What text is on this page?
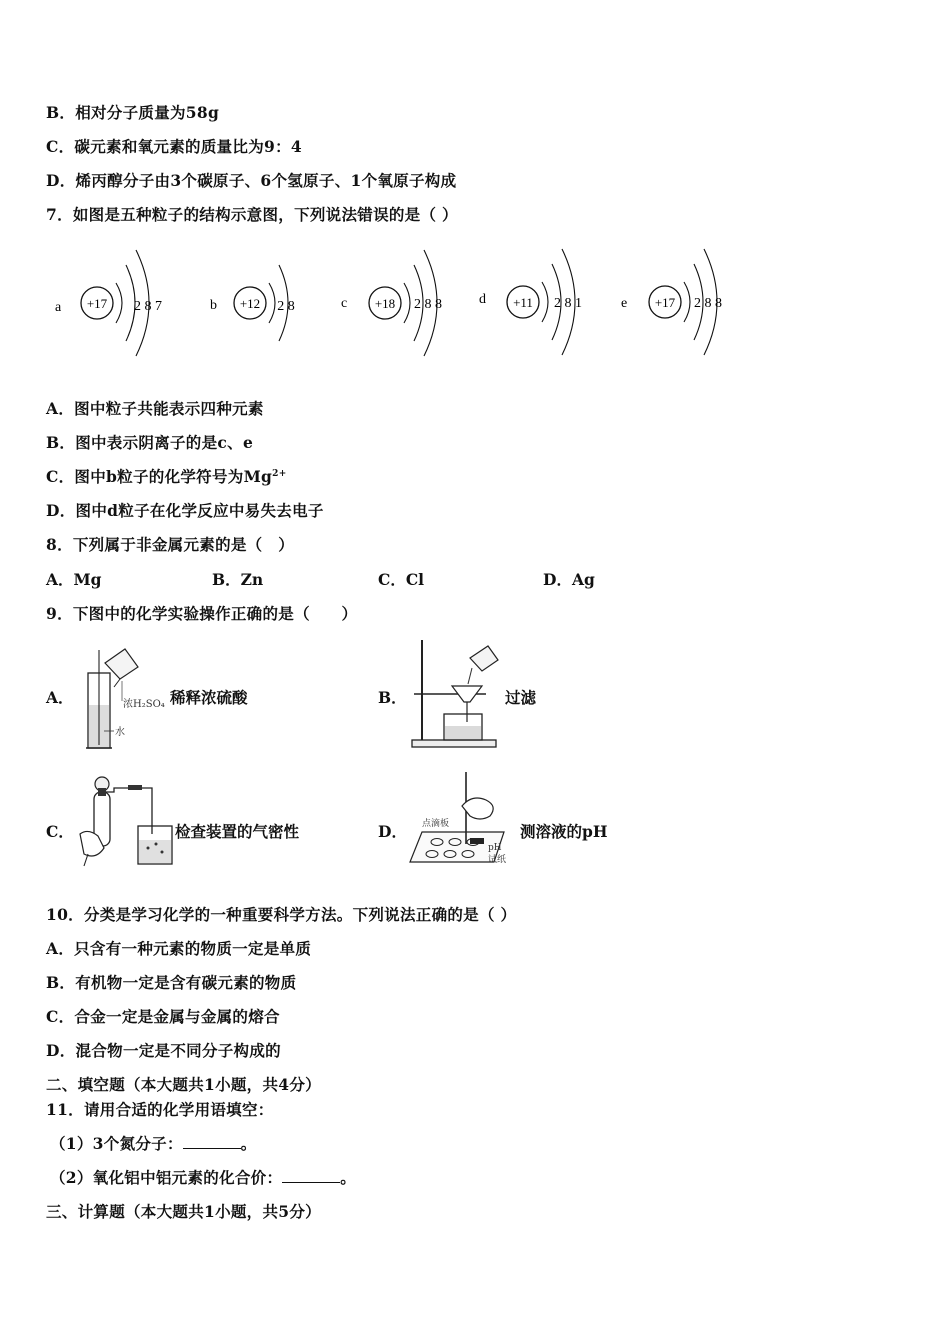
B．相对分子质量为58g
C．碳元素和氧元素的质量比为9：4
D．烯丙醇分子由3个碳原子、6个氢原子、1个氧原子构成
7．如图是五种粒子的结构示意图，下列说法错误的是（ ）
a +17 2 8 7	b +12 2 8	c +18 2 8 8	d +11 2 8 1	e +17 2 8 8
A．图中粒子共能表示四种元素
B．图中表示阴离子的是c、e
C．图中b粒子的化学符号为$Mg^{2+}$
D．图中d粒子在化学反应中易失去电子
8．下列属于非金属元素的是（　）
A．Mg	B．Zn	C．Cl	D．Ag
9．下图中的化学实验操作正确的是（　　）
A．	浓H₂SO₄
水
稀释浓硫酸	B．	过滤
C．	检查装置的气密性	D． 点滴板
pH
试纸
测溶液的pH
10．分类是学习化学的一种重要科学方法。下列说法正确的是（ ）
A．只含有一种元素的物质一定是单质
B．有机物一定是含有碳元素的物质
C．合金一定是金属与金属的熔合
D．混合物一定是不同分子构成的
二、填空题（本大题共1小题，共4分）
11．请用合适的化学用语填空：
（1）3个氮分子：	。
（2）氧化铝中铝元素的化合价：	。
三、计算题（本大题共1小题，共5分）
